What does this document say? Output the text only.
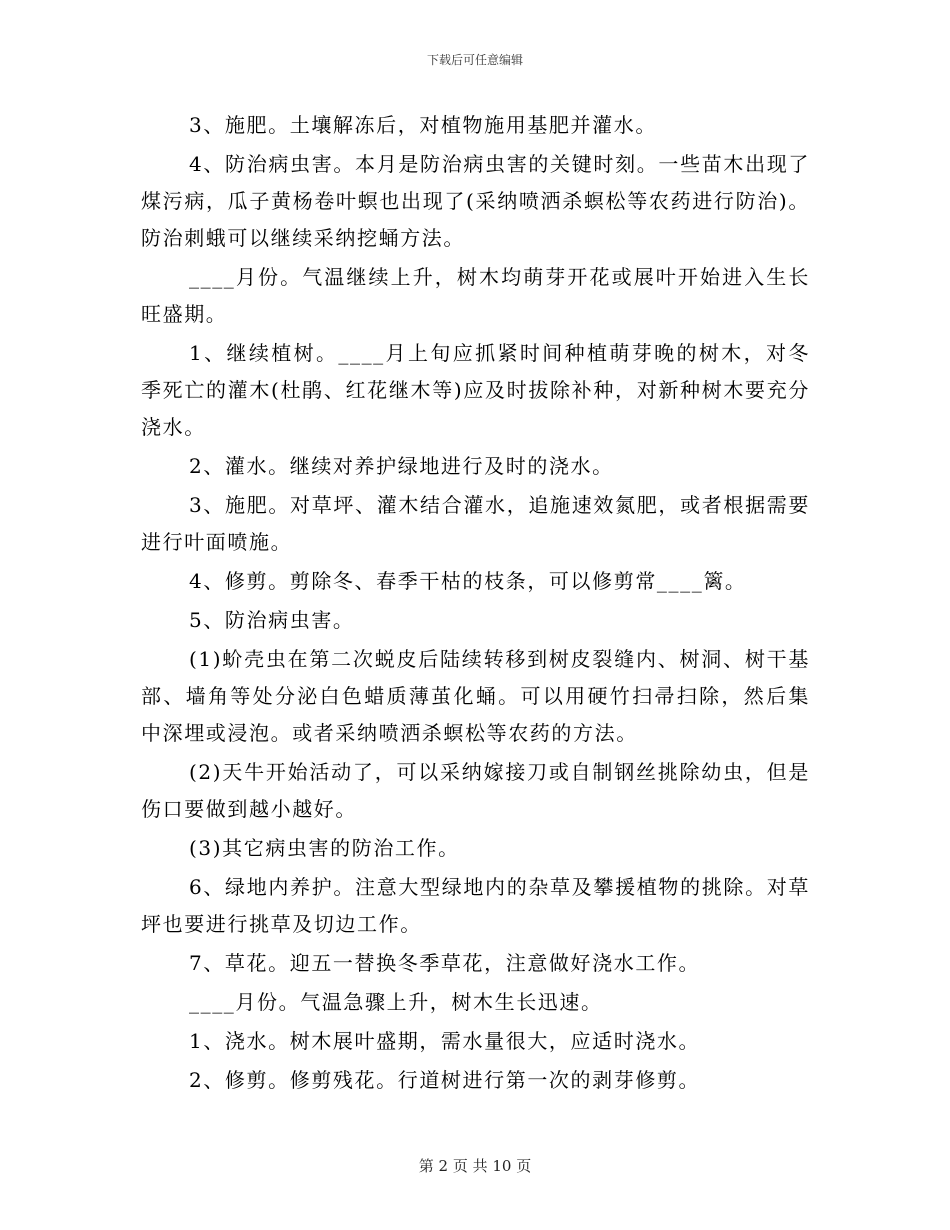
下载后可任意编辑

3、施肥。土壤解冻后，对植物施用基肥并灌水。

4、防治病虫害。本月是防治病虫害的关键时刻。一些苗木出现了煤污病，瓜子黄杨卷叶螟也出现了(采纳喷洒杀螟松等农药进行防治)。防治刺蛾可以继续采纳挖蛹方法。

____月份。气温继续上升，树木均萌芽开花或展叶开始进入生长旺盛期。

1、继续植树。____月上旬应抓紧时间种植萌芽晚的树木，对冬季死亡的灌木(杜鹃、红花继木等)应及时拔除补种，对新种树木要充分浇水。

2、灌水。继续对养护绿地进行及时的浇水。

3、施肥。对草坪、灌木结合灌水，追施速效氮肥，或者根据需要进行叶面喷施。

4、修剪。剪除冬、春季干枯的枝条，可以修剪常____篱。

5、防治病虫害。

(1)蚧壳虫在第二次蜕皮后陆续转移到树皮裂缝内、树洞、树干基部、墙角等处分泌白色蜡质薄茧化蛹。可以用硬竹扫帚扫除，然后集中深埋或浸泡。或者采纳喷洒杀螟松等农药的方法。

(2)天牛开始活动了，可以采纳嫁接刀或自制钢丝挑除幼虫，但是伤口要做到越小越好。

(3)其它病虫害的防治工作。

6、绿地内养护。注意大型绿地内的杂草及攀援植物的挑除。对草坪也要进行挑草及切边工作。

7、草花。迎五一替换冬季草花，注意做好浇水工作。

____月份。气温急骤上升，树木生长迅速。

1、浇水。树木展叶盛期，需水量很大，应适时浇水。

2、修剪。修剪残花。行道树进行第一次的剥芽修剪。

第 2 页 共 10 页
